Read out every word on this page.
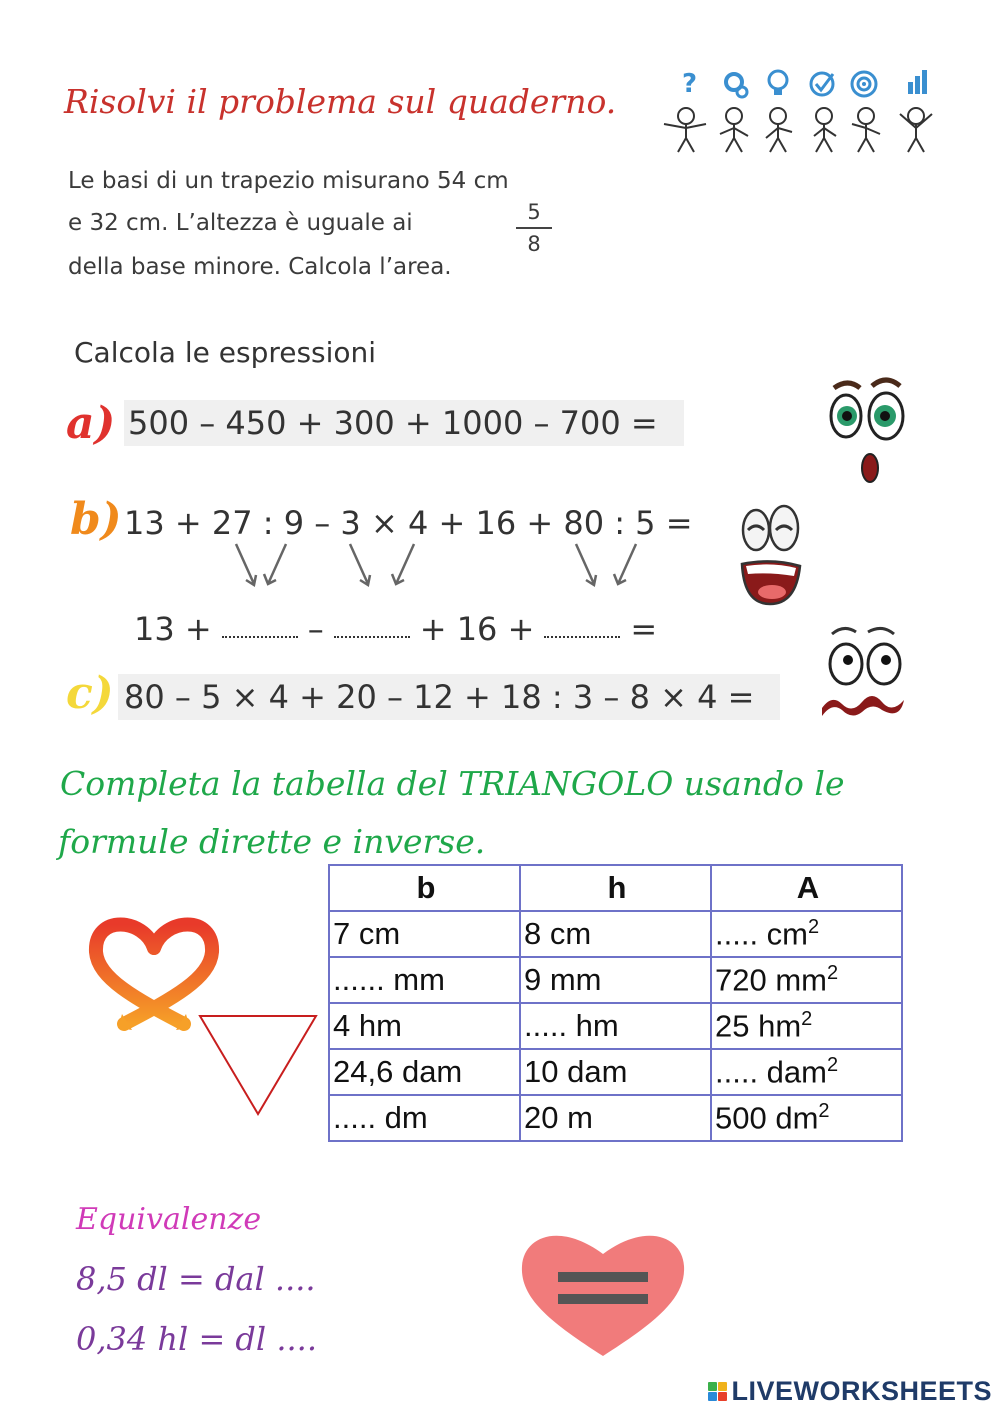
Risolvi il problema sul quaderno.	?
Le basi di un trapezio misurano 54 cm
e 32 cm. L’altezza è uguale ai	5
8
della base minore. Calcola l’area.
Calcola le espressioni
a) 500 – 450 + 300 + 1000 – 700 =
b) 13 + 27 : 9 – 3 × 4 + 16 + 80 : 5 =
13 +	–	+ 16 +	=
c) 80 – 5 × 4 + 20 – 12 + 18 : 3 – 8 × 4 =
Completa la tabella del TRIANGOLO usando le
formule dirette e inverse.
b	h	A
7 cm	8 cm	..... $cm^2$
...... mm	9 mm	720 $mm^2$
4 hm	..... hm	25 $hm^2$
24,6 dam	10 dam	..... dam$^2$
..... dm	20 m	500 $dm^2$
Equivalenze
8,5 dl = dal ....
0,34 hl = dl ....
LIVEWORKSHEETS
